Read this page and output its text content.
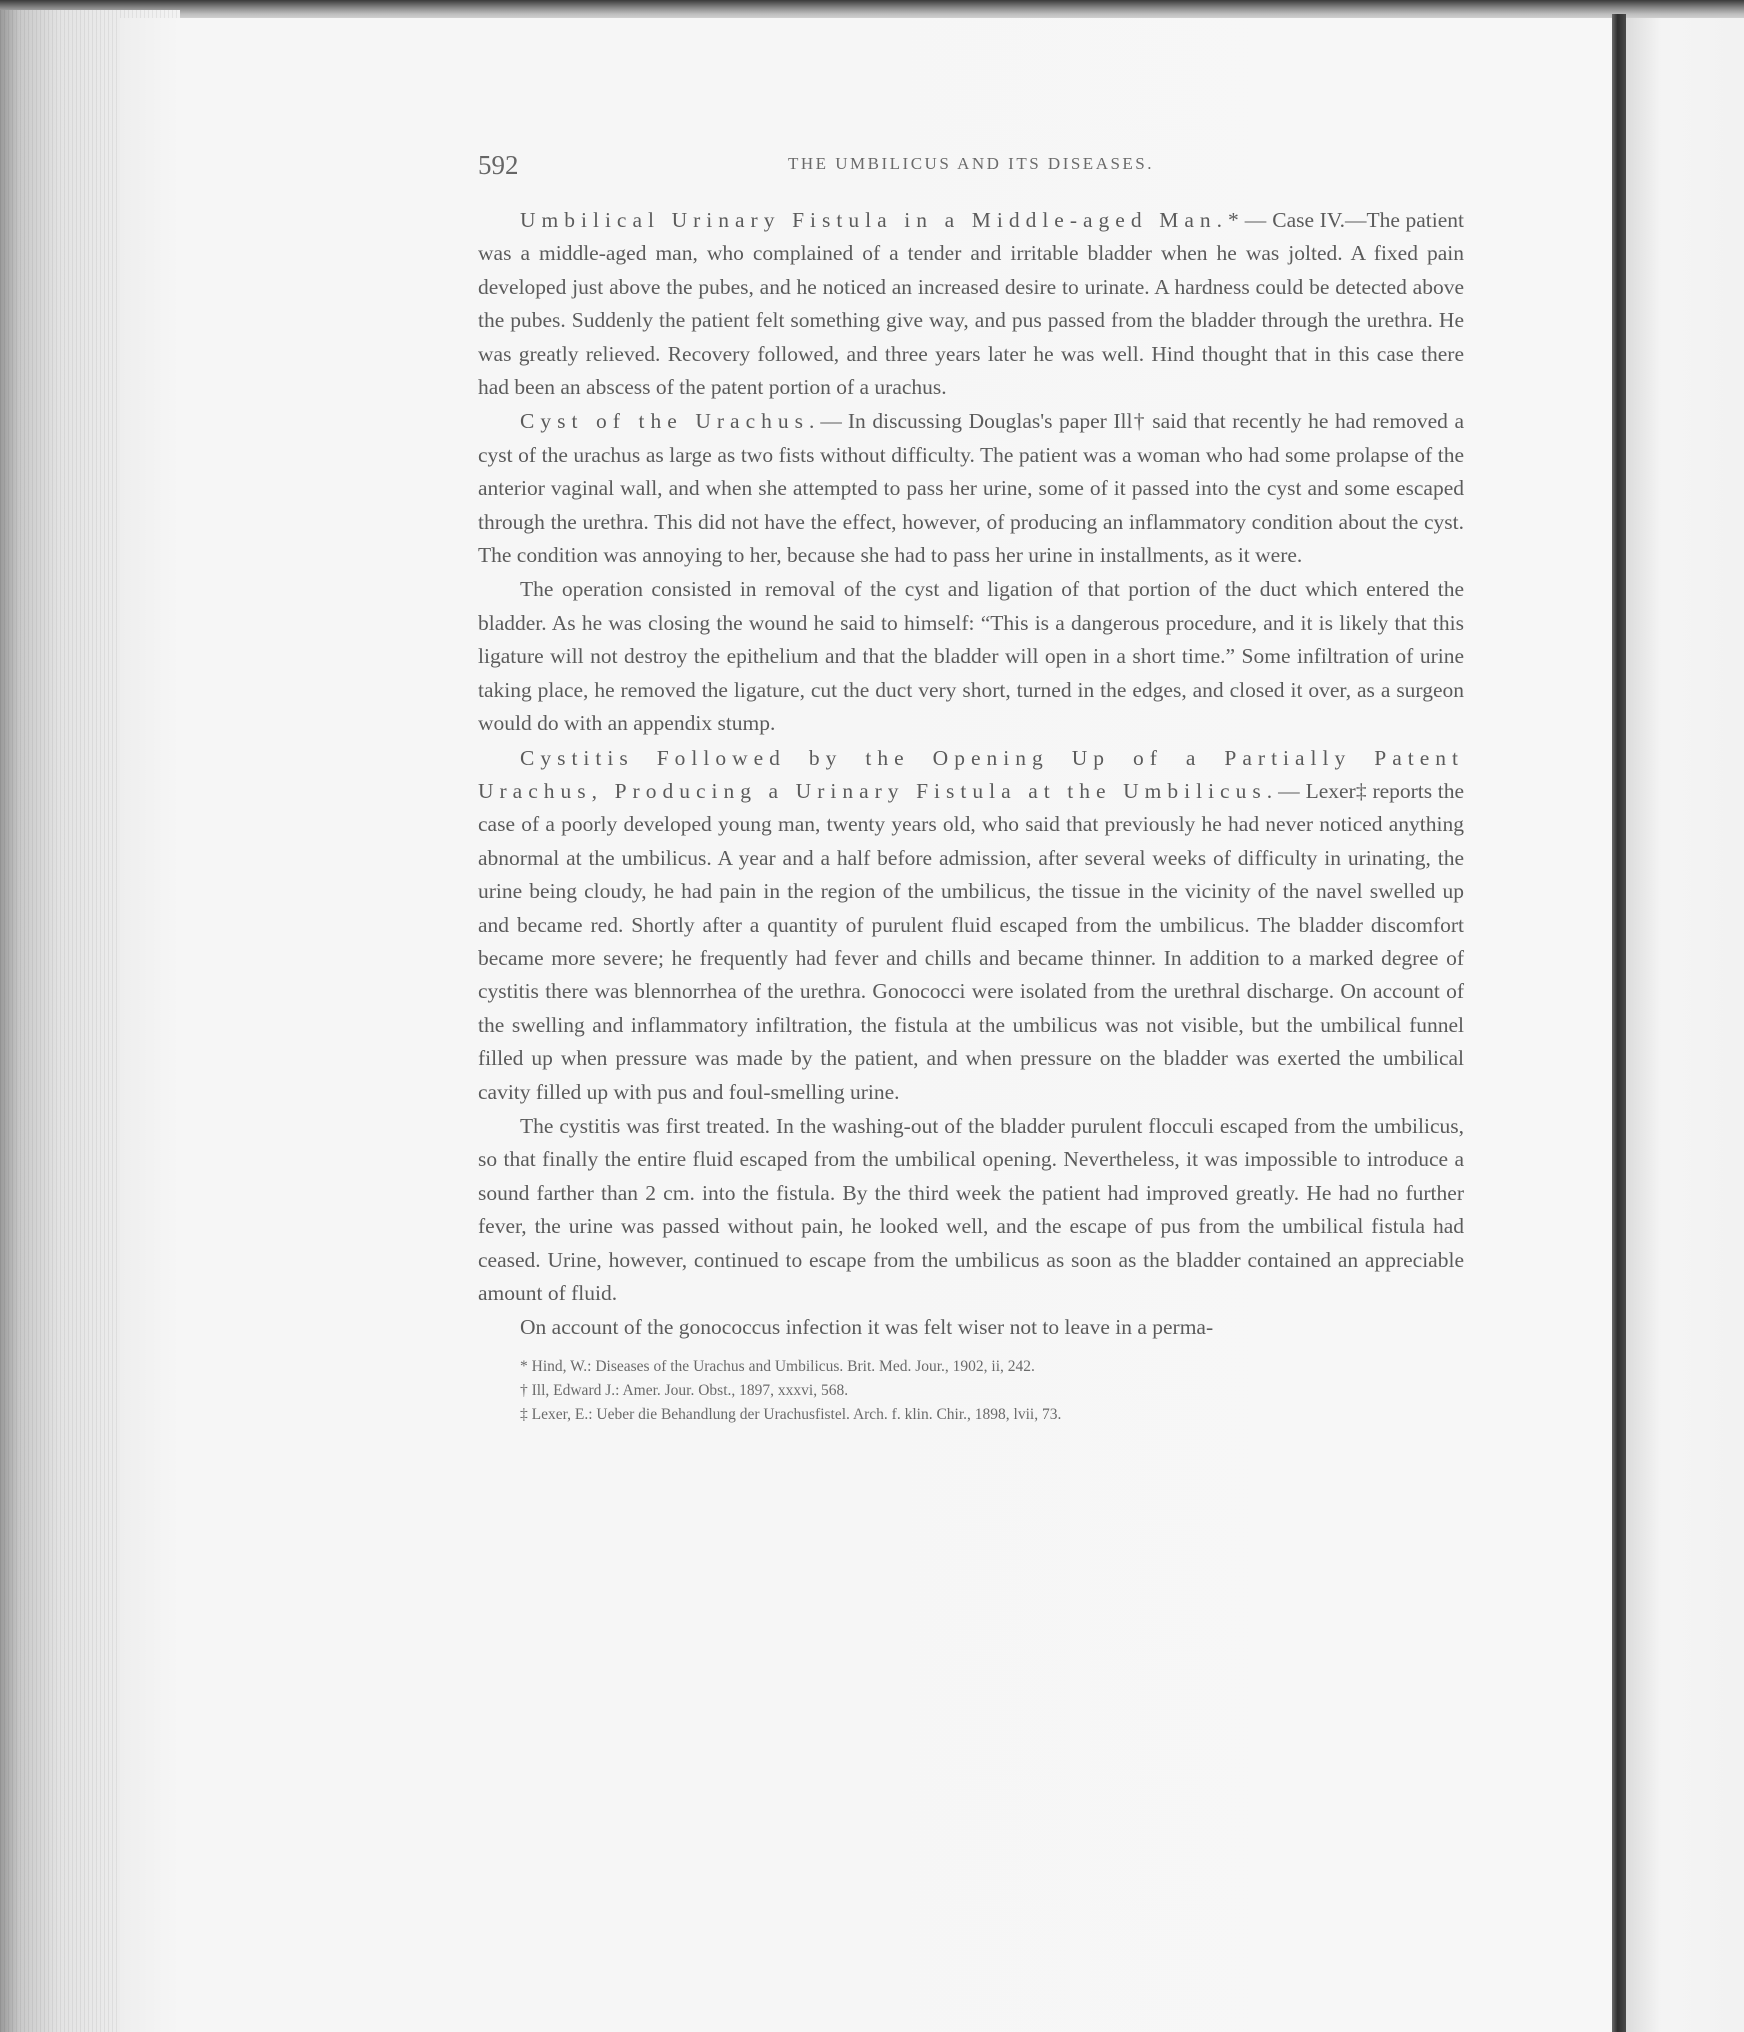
592	THE UMBILICUS AND ITS DISEASES.

Umbilical Urinary Fistula in a Middle-aged Man.*—Case IV.—The patient was a middle-aged man, who complained of a tender and irritable bladder when he was jolted. A fixed pain developed just above the pubes, and he noticed an increased desire to urinate. A hardness could be detected above the pubes. Suddenly the patient felt something give way, and pus passed from the bladder through the urethra. He was greatly relieved. Recovery followed, and three years later he was well. Hind thought that in this case there had been an abscess of the patent portion of a urachus.

Cyst of the Urachus.—In discussing Douglas's paper Ill† said that recently he had removed a cyst of the urachus as large as two fists without difficulty. The patient was a woman who had some prolapse of the anterior vaginal wall, and when she attempted to pass her urine, some of it passed into the cyst and some escaped through the urethra. This did not have the effect, however, of producing an inflammatory condition about the cyst. The condition was annoying to her, because she had to pass her urine in installments, as it were.

The operation consisted in removal of the cyst and ligation of that portion of the duct which entered the bladder. As he was closing the wound he said to himself: “This is a dangerous procedure, and it is likely that this ligature will not destroy the epithelium and that the bladder will open in a short time.” Some infiltration of urine taking place, he removed the ligature, cut the duct very short, turned in the edges, and closed it over, as a surgeon would do with an appendix stump.

Cystitis Followed by the Opening Up of a Partially Patent Urachus, Producing a Urinary Fistula at the Umbilicus.—Lexer‡ reports the case of a poorly developed young man, twenty years old, who said that previously he had never noticed anything abnormal at the umbilicus. A year and a half before admission, after several weeks of difficulty in urinating, the urine being cloudy, he had pain in the region of the umbilicus, the tissue in the vicinity of the navel swelled up and became red. Shortly after a quantity of purulent fluid escaped from the umbilicus. The bladder discomfort became more severe; he frequently had fever and chills and became thinner. In addition to a marked degree of cystitis there was blennorrhea of the urethra. Gonococci were isolated from the urethral discharge. On account of the swelling and inflammatory infiltration, the fistula at the umbilicus was not visible, but the umbilical funnel filled up when pressure was made by the patient, and when pressure on the bladder was exerted the umbilical cavity filled up with pus and foul-smelling urine.

The cystitis was first treated. In the washing-out of the bladder purulent flocculi escaped from the umbilicus, so that finally the entire fluid escaped from the umbilical opening. Nevertheless, it was impossible to introduce a sound farther than 2 cm. into the fistula. By the third week the patient had improved greatly. He had no further fever, the urine was passed without pain, he looked well, and the escape of pus from the umbilical fistula had ceased. Urine, however, continued to escape from the umbilicus as soon as the bladder contained an appreciable amount of fluid.

On account of the gonococcus infection it was felt wiser not to leave in a perma-

* Hind, W.: Diseases of the Urachus and Umbilicus. Brit. Med. Jour., 1902, ii, 242.

† Ill, Edward J.: Amer. Jour. Obst., 1897, xxxvi, 568.

‡ Lexer, E.: Ueber die Behandlung der Urachusfistel. Arch. f. klin. Chir., 1898, lvii, 73.
